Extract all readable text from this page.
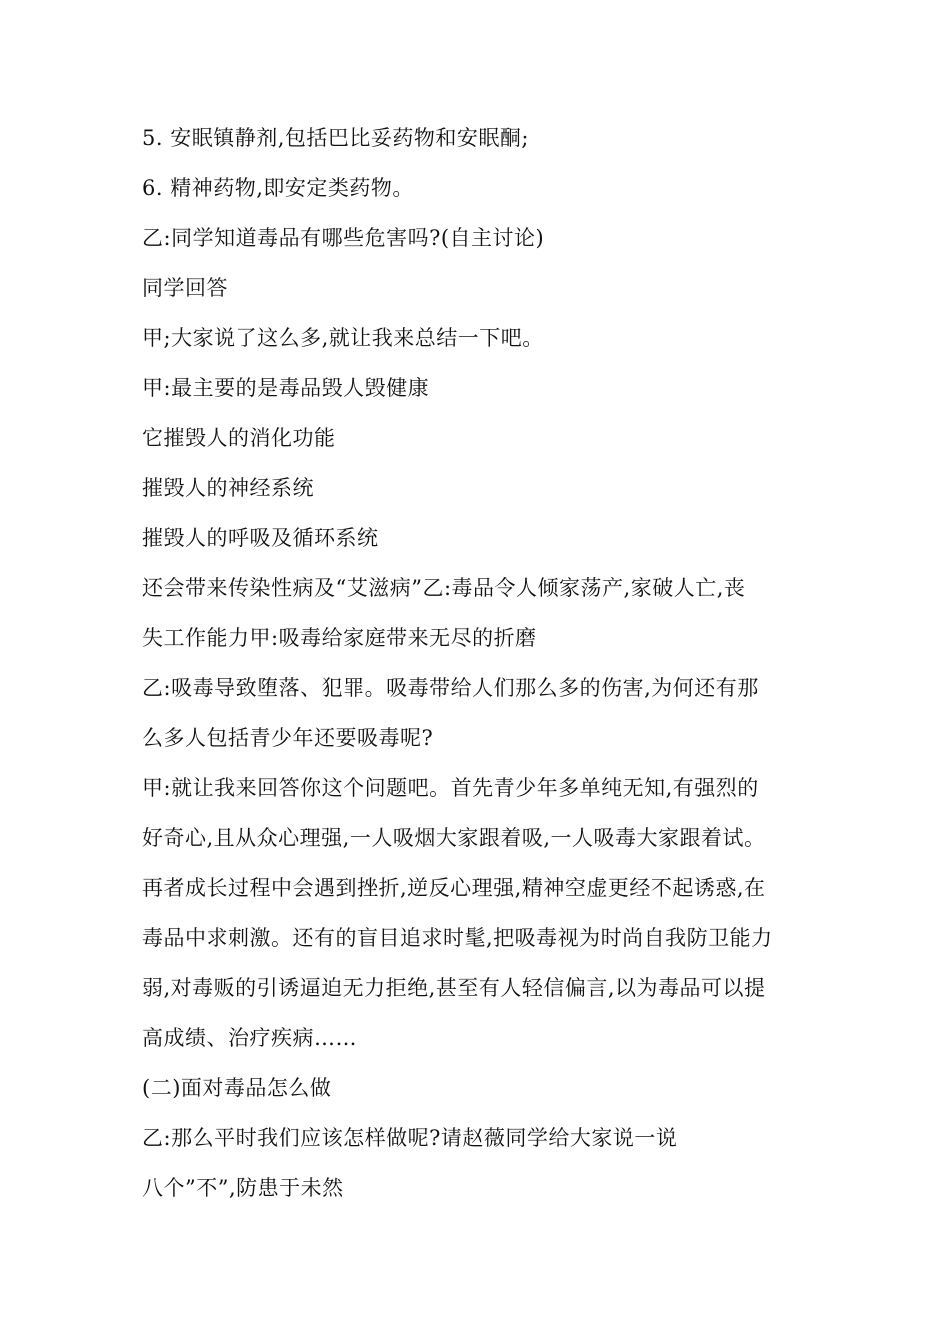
5. 安眠镇静剂,包括巴比妥药物和安眠酮;
6. 精神药物,即安定类药物。
乙:同学知道毒品有哪些危害吗?(自主讨论)
同学回答
甲;大家说了这么多,就让我来总结一下吧。
甲:最主要的是毒品毁人毁健康
它摧毁人的消化功能
摧毁人的神经系统
摧毁人的呼吸及循环系统
还会带来传染性病及“艾滋病”乙:毒品令人倾家荡产,家破人亡,丧
失工作能力甲:吸毒给家庭带来无尽的折磨
乙:吸毒导致堕落、犯罪。吸毒带给人们那么多的伤害,为何还有那
么多人包括青少年还要吸毒呢?
甲:就让我来回答你这个问题吧。首先青少年多单纯无知,有强烈的
好奇心,且从众心理强,一人吸烟大家跟着吸,一人吸毒大家跟着试。
再者成长过程中会遇到挫折,逆反心理强,精神空虚更经不起诱惑,在
毒品中求刺激。还有的盲目追求时髦,把吸毒视为时尚自我防卫能力
弱,对毒贩的引诱逼迫无力拒绝,甚至有人轻信偏言,以为毒品可以提
高成绩、治疗疾病……
(二)面对毒品怎么做
乙:那么平时我们应该怎样做呢?请赵薇同学给大家说一说
八个”不”,防患于未然
